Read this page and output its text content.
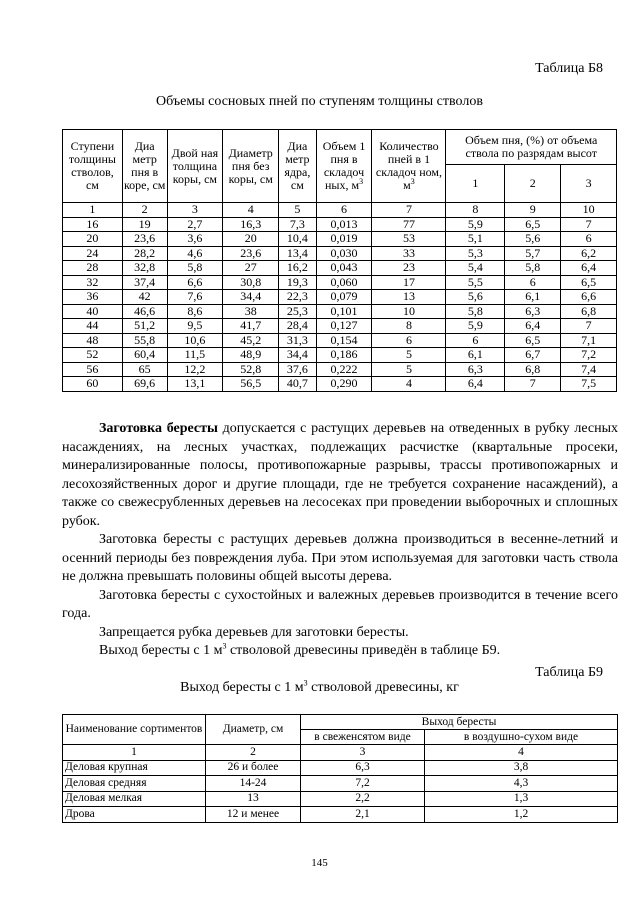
Таблица Б8
Объемы сосновых пней по ступеням толщины стволов
Ступени толщины стволов, см	Диа метр пня в коре, см	Двой ная толщина коры, см	Диаметр пня без коры, см	Диа метр ядра, см	Объем 1 пня в складоч ных, $м^3$	Количество пней в 1 складоч ном, $м^3$	Объем пня, (%) от объема ствола по разрядам высот		
							1	2	3
1	2	3	4	5	6	7	8	9	10
16	19	2,7	16,3	7,3	0,013	77	5,9	6,5	7
20	23,6	3,6	20	10,4	0,019	53	5,1	5,6	6
24	28,2	4,6	23,6	13,4	0,030	33	5,3	5,7	6,2
28	32,8	5,8	27	16,2	0,043	23	5,4	5,8	6,4
32	37,4	6,6	30,8	19,3	0,060	17	5,5	6	6,5
36	42	7,6	34,4	22,3	0,079	13	5,6	6,1	6,6
40	46,6	8,6	38	25,3	0,101	10	5,8	6,3	6,8
44	51,2	9,5	41,7	28,4	0,127	8	5,9	6,4	7
48	55,8	10,6	45,2	31,3	0,154	6	6	6,5	7,1
52	60,4	11,5	48,9	34,4	0,186	5	6,1	6,7	7,2
56	65	12,2	52,8	37,6	0,222	5	6,3	6,8	7,4
60	69,6	13,1	56,5	40,7	0,290	4	6,4	7	7,5

Заготовка бересты допускается с растущих деревьев на отведенных в рубку лесных насаждениях, на лесных участках, подлежащих расчистке (квартальные просеки, минерализированные полосы, противопожарные разрывы, трассы противопожарных и лесохозяйственных дорог и другие площади, где не требуется сохранение насаждений), а также со свежесрубленных деревьев на лесосеках при проведении выборочных и сплошных рубок.

Заготовка бересты с растущих деревьев должна производиться в весенне-летний и осенний периоды без повреждения луба. При этом используемая для заготовки часть ствола не должна превышать половины общей высоты дерева.

Заготовка бересты с сухостойных и валежных деревьев производится в течение всего года.

Запрещается рубка деревьев для заготовки бересты.

Выход бересты с 1 $м^3$ стволовой древесины приведён в таблице Б9.

Таблица Б9
Выход бересты с 1 $м^3$ стволовой древесины, кг
Наименование сортиментов	Диаметр, см	Выход бересты	
		в свеженсятом виде	в воздушно-сухом виде
1	2	3	4
Деловая крупная	26 и более	6,3	3,8
Деловая средняя	14-24	7,2	4,3
Деловая мелкая	13	2,2	1,3
Дрова	12 и менее	2,1	1,2
145
